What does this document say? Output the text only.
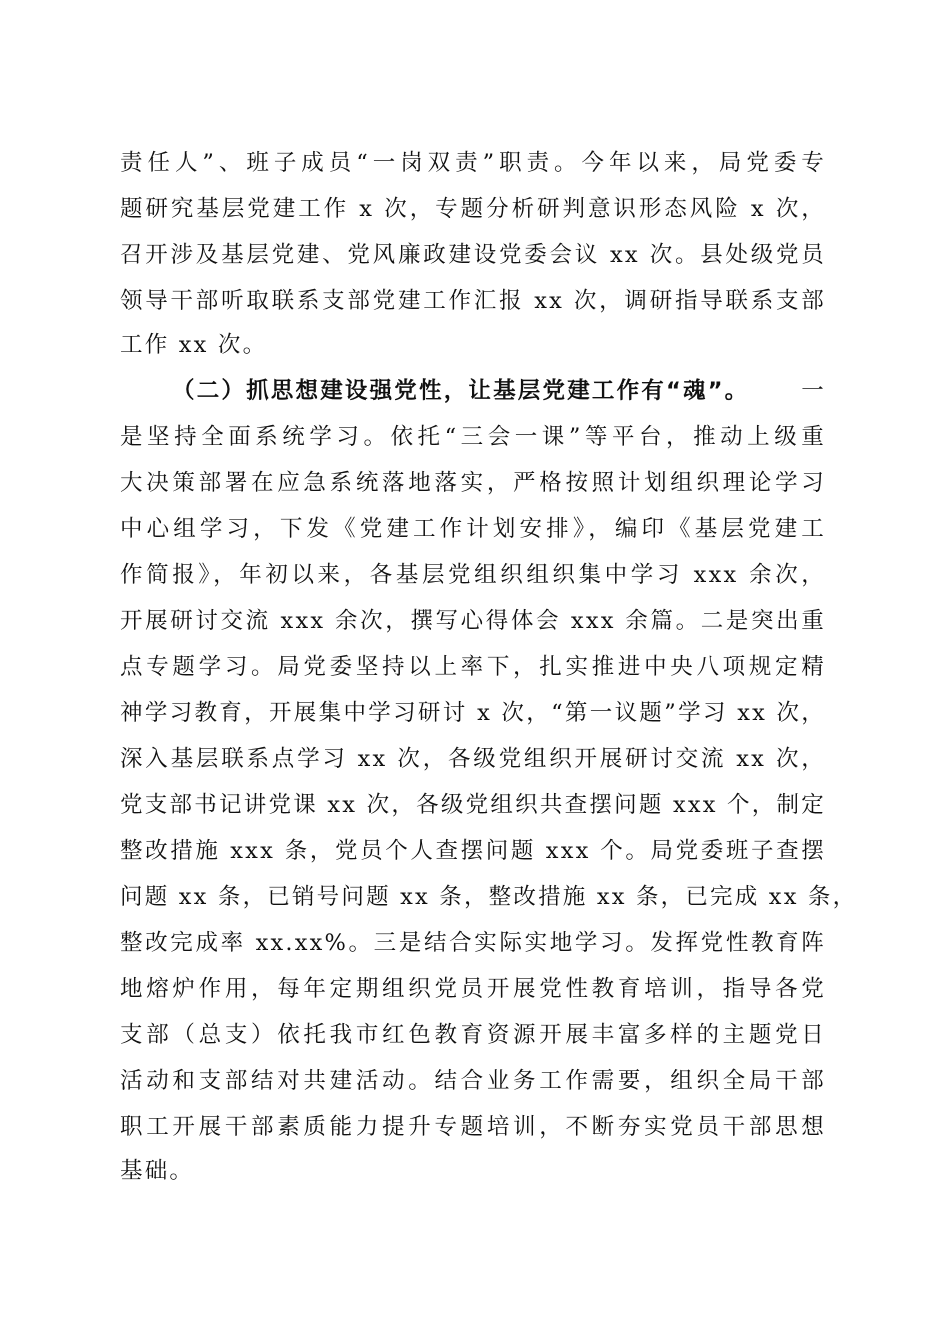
责任人”、班子成员“一岗双责”职责。今年以来，局党委专
题研究基层党建工作 x 次，专题分析研判意识形态风险 x 次，
召开涉及基层党建、党风廉政建设党委会议 xx 次。县处级党员
领导干部听取联系支部党建工作汇报 xx 次，调研指导联系支部
工作 xx 次。
（二）抓思想建设强党性，让基层党建工作有“魂”。 一
是坚持全面系统学习。依托“三会一课”等平台，推动上级重
大决策部署在应急系统落地落实，严格按照计划组织理论学习
中心组学习，下发《党建工作计划安排》，编印《基层党建工
作简报》，年初以来，各基层党组织组织集中学习 xxx 余次，
开展研讨交流 xxx 余次，撰写心得体会 xxx 余篇。二是突出重
点专题学习。局党委坚持以上率下，扎实推进中央八项规定精
神学习教育，开展集中学习研讨 x 次，“第一议题”学习 xx 次，
深入基层联系点学习 xx 次，各级党组织开展研讨交流 xx 次，
党支部书记讲党课 xx 次，各级党组织共查摆问题 xxx 个，制定
整改措施 xxx 条，党员个人查摆问题 xxx 个。局党委班子查摆
问题 xx 条，已销号问题 xx 条，整改措施 xx 条，已完成 xx 条，
整改完成率 xx.xx%。三是结合实际实地学习。发挥党性教育阵
地熔炉作用，每年定期组织党员开展党性教育培训，指导各党
支部（总支）依托我市红色教育资源开展丰富多样的主题党日
活动和支部结对共建活动。结合业务工作需要，组织全局干部
职工开展干部素质能力提升专题培训，不断夯实党员干部思想
基础。
